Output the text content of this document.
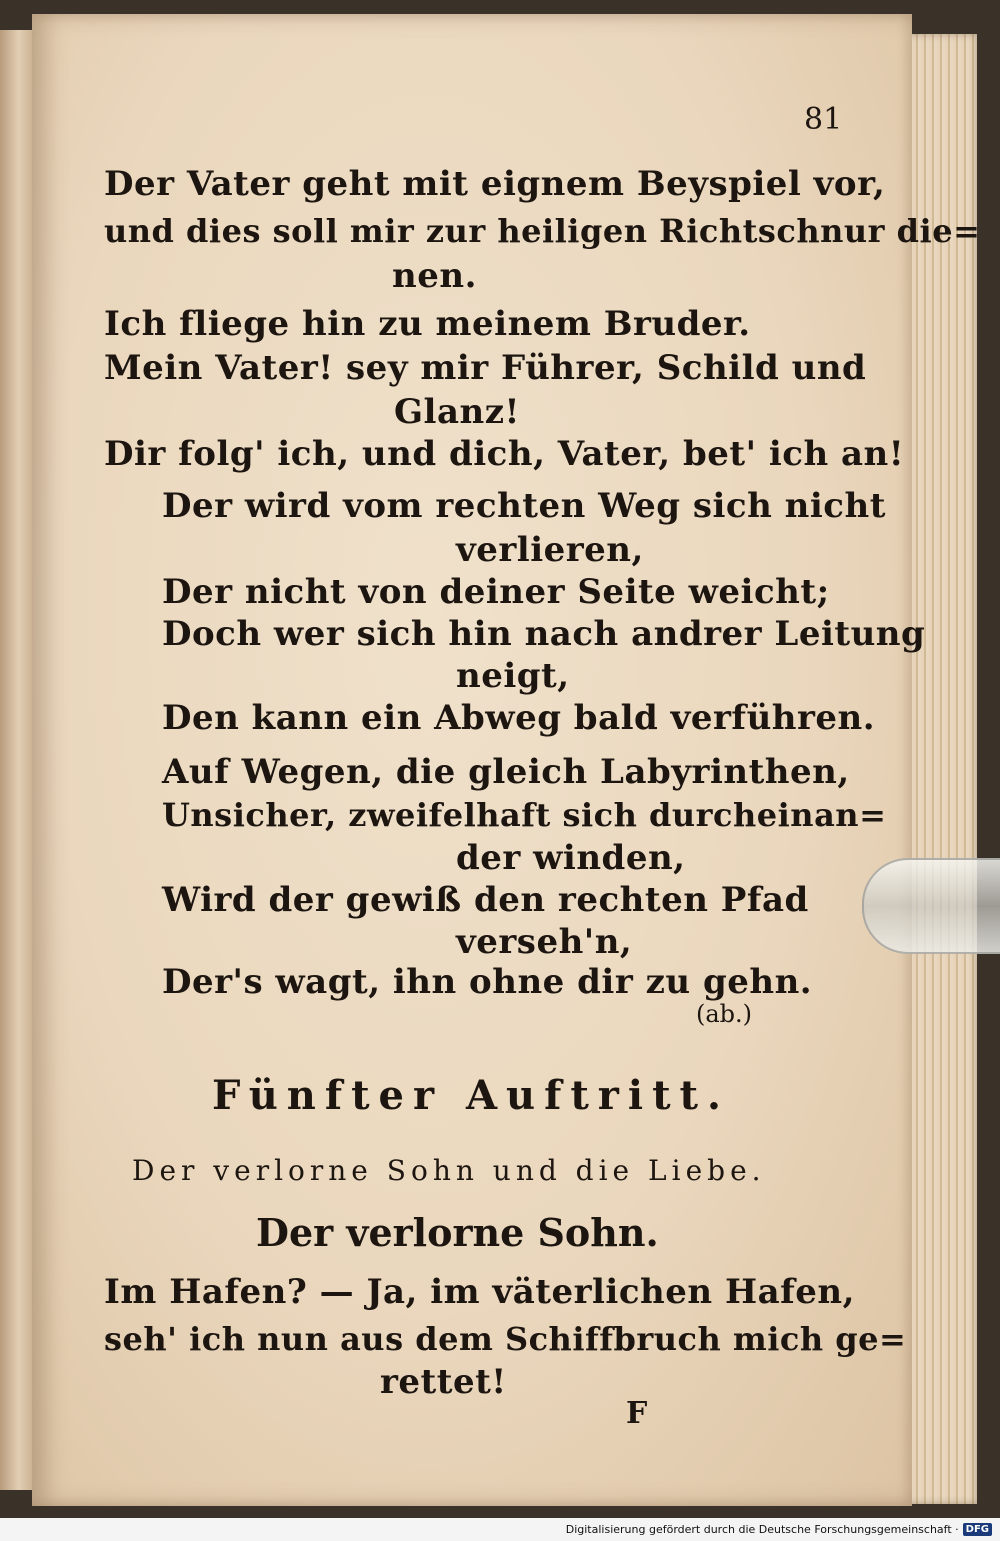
81
Der Vater geht mit eignem Beyspiel vor,
und dies soll mir zur heiligen Richtschnur die=
nen.
Ich fliege hin zu meinem Bruder.
Mein Vater! sey mir Führer, Schild und
Glanz!
Dir folg' ich, und dich, Vater, bet' ich an!
Der wird vom rechten Weg sich nicht
verlieren,
Der nicht von deiner Seite weicht;
Doch wer sich hin nach andrer Leitung
neigt,
Den kann ein Abweg bald verführen.
Auf Wegen, die gleich Labyrinthen,
Unsicher, zweifelhaft sich durcheinan=
der winden,
Wird der gewiß den rechten Pfad
verseh'n,
Der's wagt, ihn ohne dir zu gehn.
(ab.)
Fünfter Auftritt.
Der verlorne Sohn und die Liebe.
Der verlorne Sohn.
Im Hafen? — Ja, im väterlichen Hafen,
seh' ich nun aus dem Schiffbruch mich ge=
rettet!
F
Digitalisierung gefördert durch die Deutsche Forschungsgemeinschaft · DFG
